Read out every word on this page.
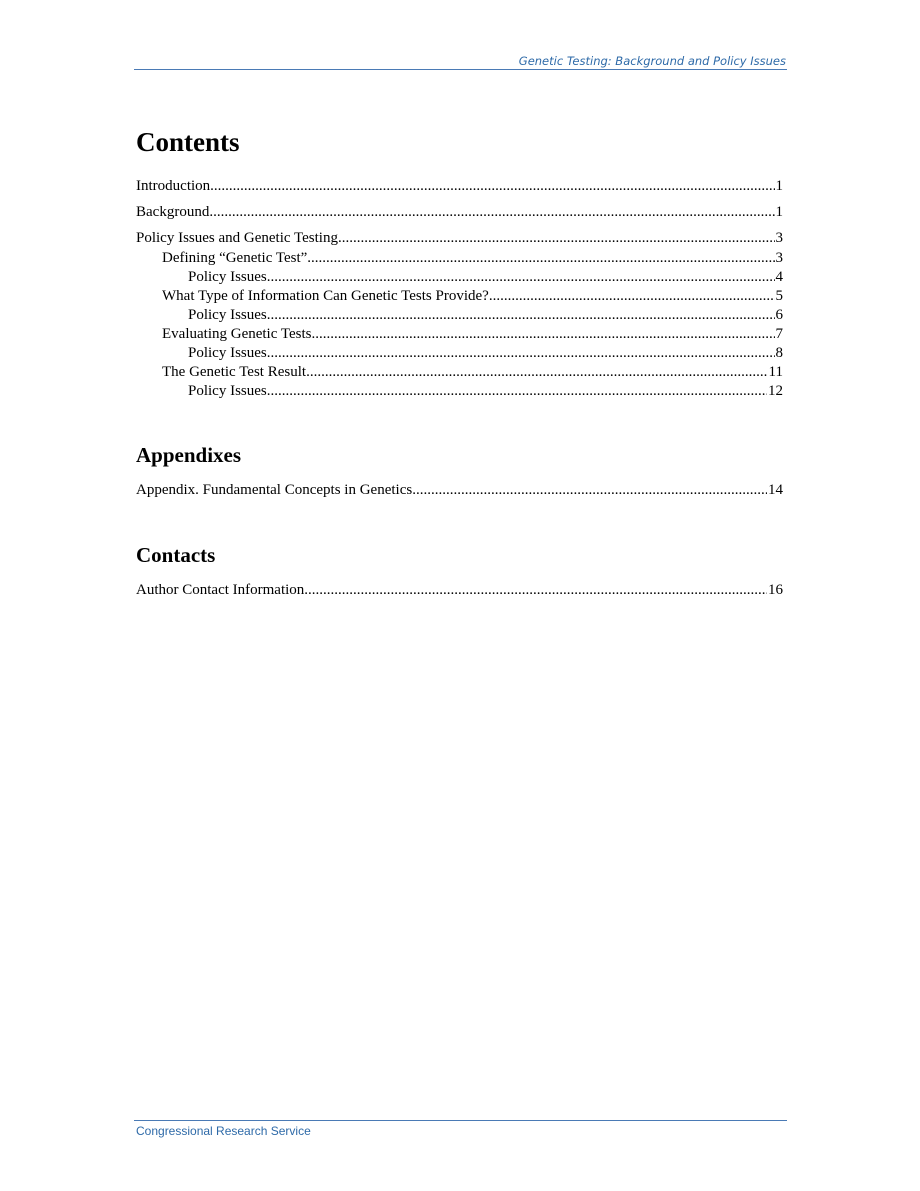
Genetic Testing: Background and Policy Issues
Contents
Introduction .....	1
Background .....	1
Policy Issues and Genetic Testing .....	3
Defining “Genetic Test” .....	3
Policy Issues .....	4
What Type of Information Can Genetic Tests Provide? .....	5
Policy Issues .....	6
Evaluating Genetic Tests .....	7
Policy Issues .....	8
The Genetic Test Result .....	11
Policy Issues .....	12
Appendixes
Appendix. Fundamental Concepts in Genetics .....	14
Contacts
Author Contact Information .....	16
Congressional Research Service
